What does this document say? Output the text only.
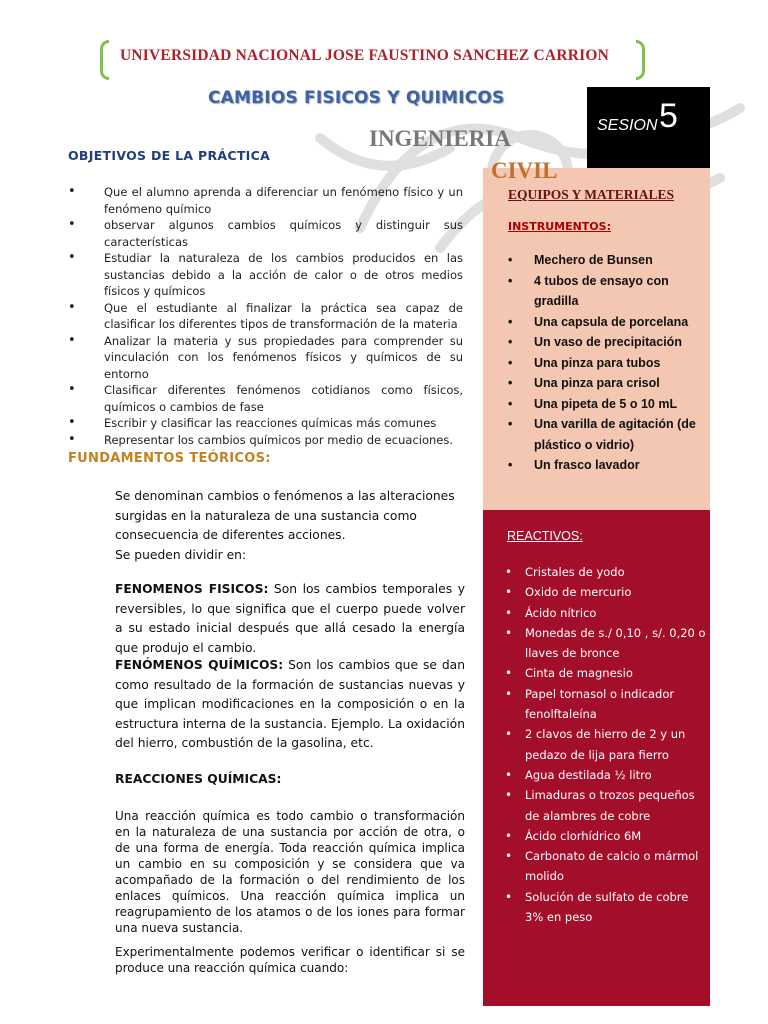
UNIVERSIDAD NACIONAL JOSE FAUSTINO SANCHEZ CARRION
CAMBIOS FISICOS Y QUIMICOS
SESION 5
INGENIERIA
CIVIL
OBJETIVOS DE LA PRÁCTICA
• Que el alumno aprenda a diferenciar un fenómeno físico y un fenómeno químico
• observar algunos cambios químicos y distinguir sus características
• Estudiar la naturaleza de los cambios producidos en las sustancias debido a la acción de calor o de otros medios físicos y químicos
• Que el estudiante al finalizar la práctica sea capaz de clasificar los diferentes tipos de transformación de la materia
• Analizar la materia y sus propiedades para comprender su vinculación con los fenómenos físicos y químicos de su entorno
• Clasificar diferentes fenómenos cotidianos como físicos, químicos o cambios de fase
• Escribir y clasificar las reacciones químicas más comunes
• Representar los cambios químicos por medio de ecuaciones.
FUNDAMENTOS TEÓRICOS:
Se denominan cambios o fenómenos a las alteraciones surgidas en la naturaleza de una sustancia como consecuencia de diferentes acciones.
Se pueden dividir en:
FENOMENOS FISICOS: Son los cambios temporales y reversibles, lo que significa que el cuerpo puede volver a su estado inicial después que allá cesado la energía que produjo el cambio.
FENÓMENOS QUÍMICOS: Son los cambios que se dan como resultado de la formación de sustancias nuevas y que implican modificaciones en la composición o en la estructura interna de la sustancia. Ejemplo. La oxidación del hierro, combustión de la gasolina, etc.
REACCIONES QUÍMICAS:
Una reacción química es todo cambio o transformación en la naturaleza de una sustancia por acción de otra, o de una forma de energía. Toda reacción química implica un cambio en su composición y se considera que va acompañado de la formación o del rendimiento de los enlaces químicos. Una reacción química implica un reagrupamiento de los atamos o de los iones para formar una nueva sustancia.
Experimentalmente podemos verificar o identificar si se produce una reacción química cuando:
EQUIPOS Y MATERIALES
INSTRUMENTOS:
• Mechero de Bunsen
• 4 tubos de ensayo con gradilla
• Una capsula de porcelana
• Un vaso de precipitación
• Una pinza para tubos
• Una pinza para crisol
• Una pipeta de 5 o 10 mL
• Una varilla de agitación (de plástico o vidrio)
• Un frasco lavador
REACTIVOS:
• Cristales de yodo
• Oxido de mercurio
• Ácido nítrico
• Monedas de s./ 0,10 , s/. 0,20 o llaves de bronce
• Cinta de magnesio
• Papel tornasol o indicador fenolftaleína
• 2 clavos de hierro de 2 y un pedazo de lija para fierro
• Agua destilada ½ litro
• Limaduras o trozos pequeños de alambres de cobre
• Ácido clorhídrico 6M
• Carbonato de calcio o mármol molido
• Solución de sulfato de cobre 3% en peso
